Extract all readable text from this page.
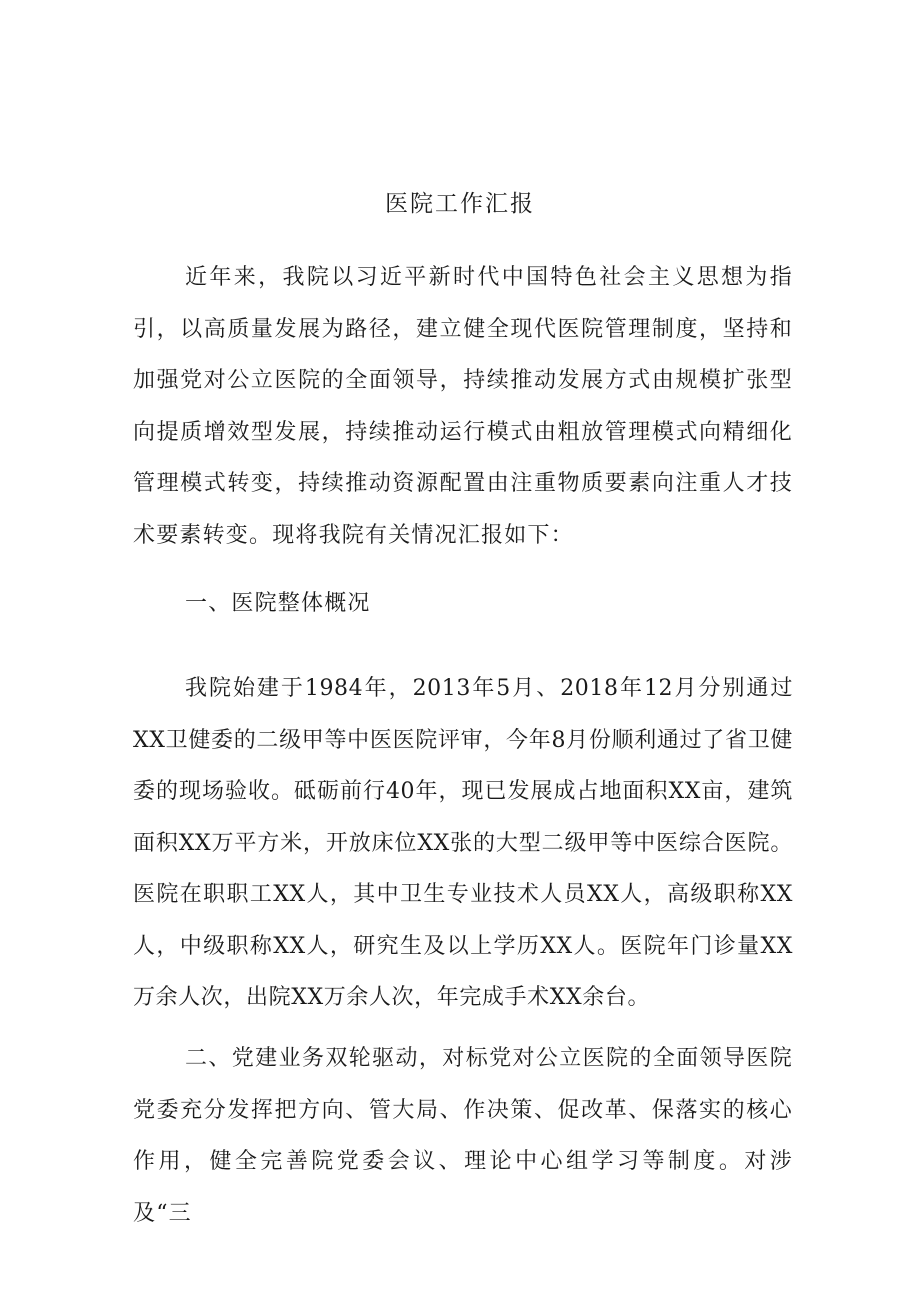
医院工作汇报

近年来，我院以习近平新时代中国特色社会主义思想为指引，以高质量发展为路径，建立健全现代医院管理制度，坚持和加强党对公立医院的全面领导，持续推动发展方式由规模扩张型向提质增效型发展，持续推动运行模式由粗放管理模式向精细化管理模式转变，持续推动资源配置由注重物质要素向注重人才技术要素转变。现将我院有关情况汇报如下：

一、医院整体概况

我院始建于1984年，2013年5月、2018年12月分别通过XX卫健委的二级甲等中医医院评审，今年8月份顺利通过了省卫健委的现场验收。砥砺前行40年，现已发展成占地面积XX亩，建筑面积XX万平方米，开放床位XX张的大型二级甲等中医综合医院。医院在职职工XX人，其中卫生专业技术人员XX人，高级职称XX人，中级职称XX人，研究生及以上学历XX人。医院年门诊量XX万余人次，出院XX万余人次，年完成手术XX余台。

二、党建业务双轮驱动，对标党对公立医院的全面领导医院党委充分发挥把方向、管大局、作决策、促改革、保落实的核心作用，健全完善院党委会议、理论中心组学习等制度。对涉及“三
